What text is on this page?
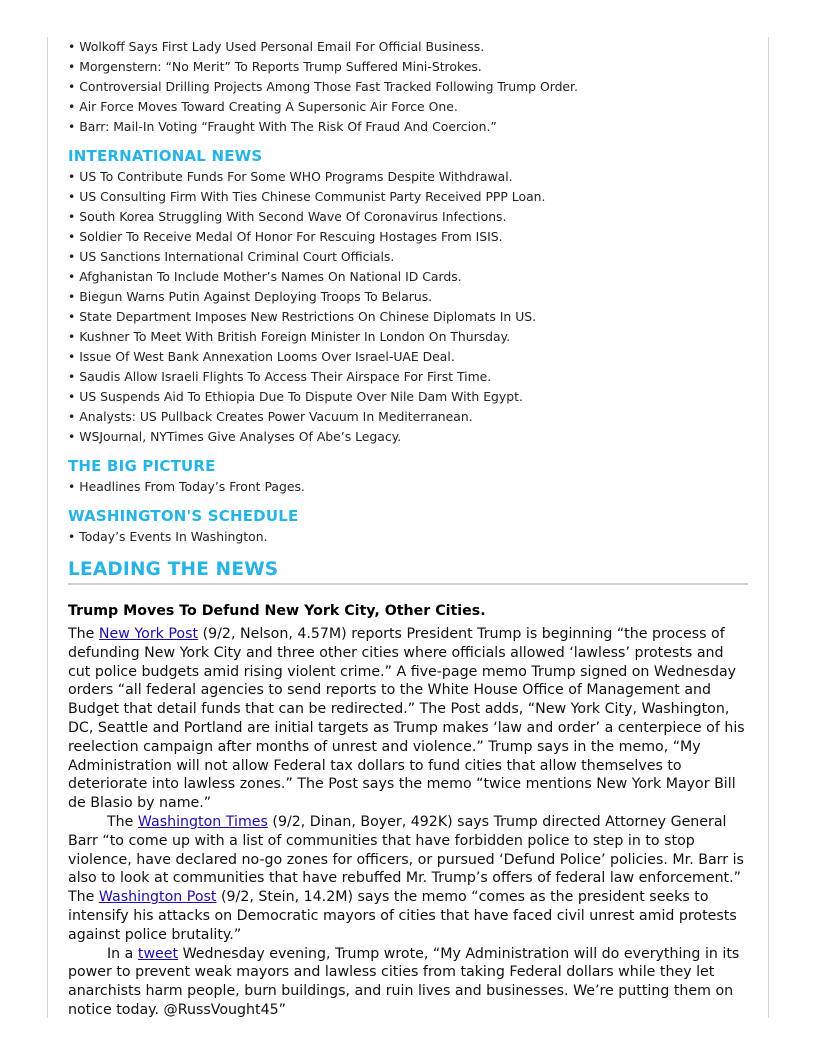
• Wolkoff Says First Lady Used Personal Email For Official Business.
• Morgenstern: “No Merit” To Reports Trump Suffered Mini-Strokes.
• Controversial Drilling Projects Among Those Fast Tracked Following Trump Order.
• Air Force Moves Toward Creating A Supersonic Air Force One.
• Barr: Mail-In Voting “Fraught With The Risk Of Fraud And Coercion.”
INTERNATIONAL NEWS
• US To Contribute Funds For Some WHO Programs Despite Withdrawal.
• US Consulting Firm With Ties Chinese Communist Party Received PPP Loan.
• South Korea Struggling With Second Wave Of Coronavirus Infections.
• Soldier To Receive Medal Of Honor For Rescuing Hostages From ISIS.
• US Sanctions International Criminal Court Officials.
• Afghanistan To Include Mother’s Names On National ID Cards.
• Biegun Warns Putin Against Deploying Troops To Belarus.
• State Department Imposes New Restrictions On Chinese Diplomats In US.
• Kushner To Meet With British Foreign Minister In London On Thursday.
• Issue Of West Bank Annexation Looms Over Israel-UAE Deal.
• Saudis Allow Israeli Flights To Access Their Airspace For First Time.
• US Suspends Aid To Ethiopia Due To Dispute Over Nile Dam With Egypt.
• Analysts: US Pullback Creates Power Vacuum In Mediterranean.
• WSJournal, NYTimes Give Analyses Of Abe’s Legacy.
THE BIG PICTURE
• Headlines From Today’s Front Pages.
WASHINGTON'S SCHEDULE
• Today’s Events In Washington.
LEADING THE NEWS
Trump Moves To Defund New York City, Other Cities.

The New York Post (9/2, Nelson, 4.57M) reports President Trump is beginning “the process of defunding New York City and three other cities where officials allowed ‘lawless’ protests and cut police budgets amid rising violent crime.” A five-page memo Trump signed on Wednesday orders “all federal agencies to send reports to the White House Office of Management and Budget that detail funds that can be redirected.” The Post adds, “New York City, Washington, DC, Seattle and Portland are initial targets as Trump makes ‘law and order’ a centerpiece of his reelection campaign after months of unrest and violence.” Trump says in the memo, “My Administration will not allow Federal tax dollars to fund cities that allow themselves to deteriorate into lawless zones.” The Post says the memo “twice mentions New York Mayor Bill de Blasio by name.”

The Washington Times (9/2, Dinan, Boyer, 492K) says Trump directed Attorney General Barr “to come up with a list of communities that have forbidden police to step in to stop violence, have declared no-go zones for officers, or pursued ‘Defund Police’ policies. Mr. Barr is also to look at communities that have rebuffed Mr. Trump’s offers of federal law enforcement.” The Washington Post (9/2, Stein, 14.2M) says the memo “comes as the president seeks to intensify his attacks on Democratic mayors of cities that have faced civil unrest amid protests against police brutality.”

In a tweet Wednesday evening, Trump wrote, “My Administration will do everything in its power to prevent weak mayors and lawless cities from taking Federal dollars while they let anarchists harm people, burn buildings, and ruin lives and businesses. We’re putting them on notice today. @RussVought45”
